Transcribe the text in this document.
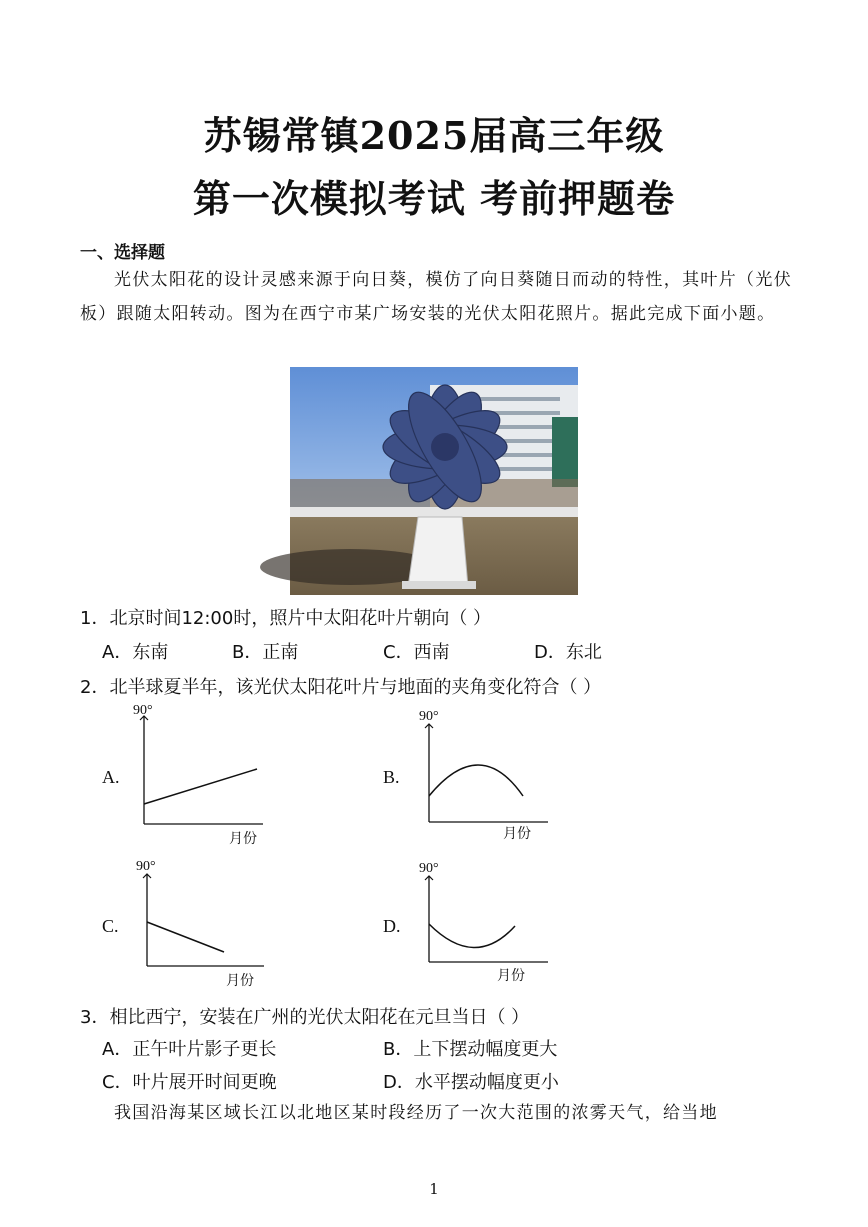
苏锡常镇2025届高三年级
第一次模拟考试 考前押题卷
一、选择题
光伏太阳花的设计灵感来源于向日葵，模仿了向日葵随日而动的特性，其叶片（光伏板）跟随太阳转动。图为在西宁市某广场安装的光伏太阳花照片。据此完成下面小题。
1．北京时间12:00时，照片中太阳花叶片朝向（ ）
A．东南	B．正南	C．西南	D．东北
2．北半球夏半年，该光伏太阳花叶片与地面的夹角变化符合（ ）
A.
90°
月份
B.
90°
月份
C.
90°
月份
D.
90°
月份
3．相比西宁，安装在广州的光伏太阳花在元旦当日（ ）
A．正午叶片影子更长	B．上下摆动幅度更大
C．叶片展开时间更晚	D．水平摆动幅度更小
我国沿海某区域长江以北地区某时段经历了一次大范围的浓雾天气，给当地
1
